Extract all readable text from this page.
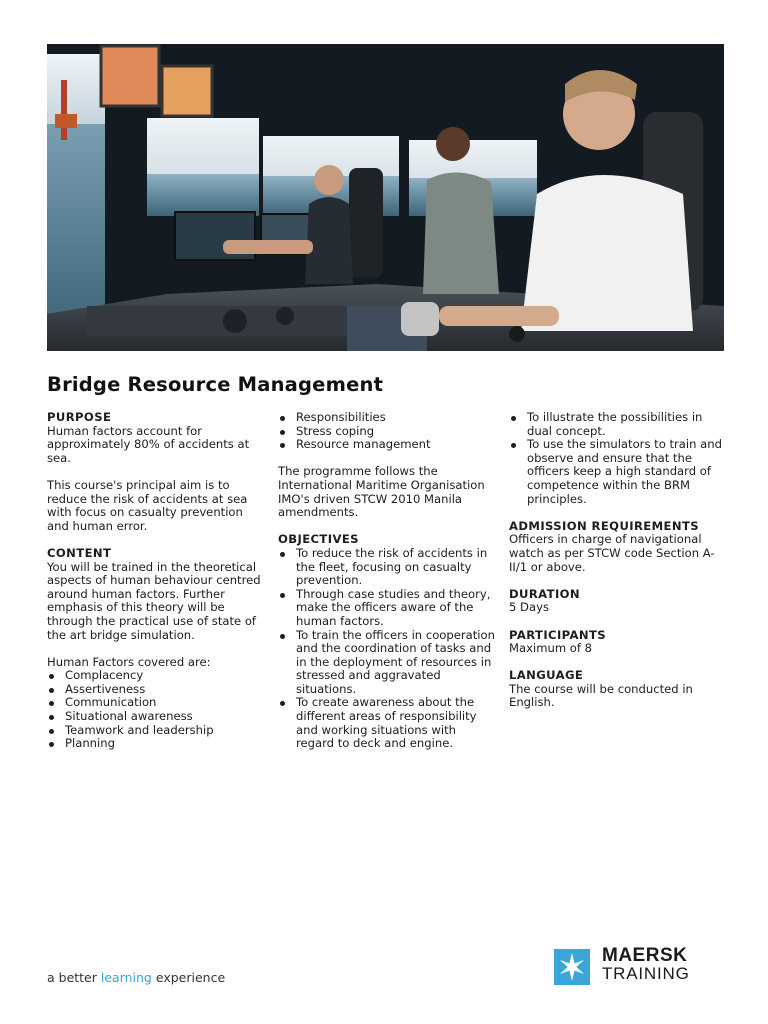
Bridge Resource Management

PURPOSE

Human factors account for approximately 80% of accidents at sea.

This course's principal aim is to reduce the risk of accidents at sea with focus on casualty prevention and human error.

CONTENT

You will be trained in the theoretical aspects of human behaviour centred around human factors. Further emphasis of this theory will be through the practical use of state of the art bridge simulation.

Human Factors covered are:

Complacency
Assertiveness
Communication
Situational awareness
Teamwork and leadership
Planning
Responsibilities
Stress coping
Resource management

The programme follows the International Maritime Organisation IMO's driven STCW 2010 Manila amendments.

OBJECTIVES

To reduce the risk of accidents in the fleet, focusing on casualty prevention.
Through case studies and theory, make the officers aware of the human factors.
To train the officers in cooperation and the coordination of tasks and in the deployment of resources in stressed and aggravated situations.
To create awareness about the different areas of responsibility and working situations with regard to deck and engine.
To illustrate the possibilities in dual concept.
To use the simulators to train and observe and ensure that the officers keep a high standard of competence within the BRM principles.

ADMISSION REQUIREMENTS

Officers in charge of navigational watch as per STCW code Section A-II/1 or above.

DURATION

5 Days

PARTICIPANTS

Maximum of 8

LANGUAGE

The course will be conducted in English.

a better learning experience
MAERSK
TRAINING
